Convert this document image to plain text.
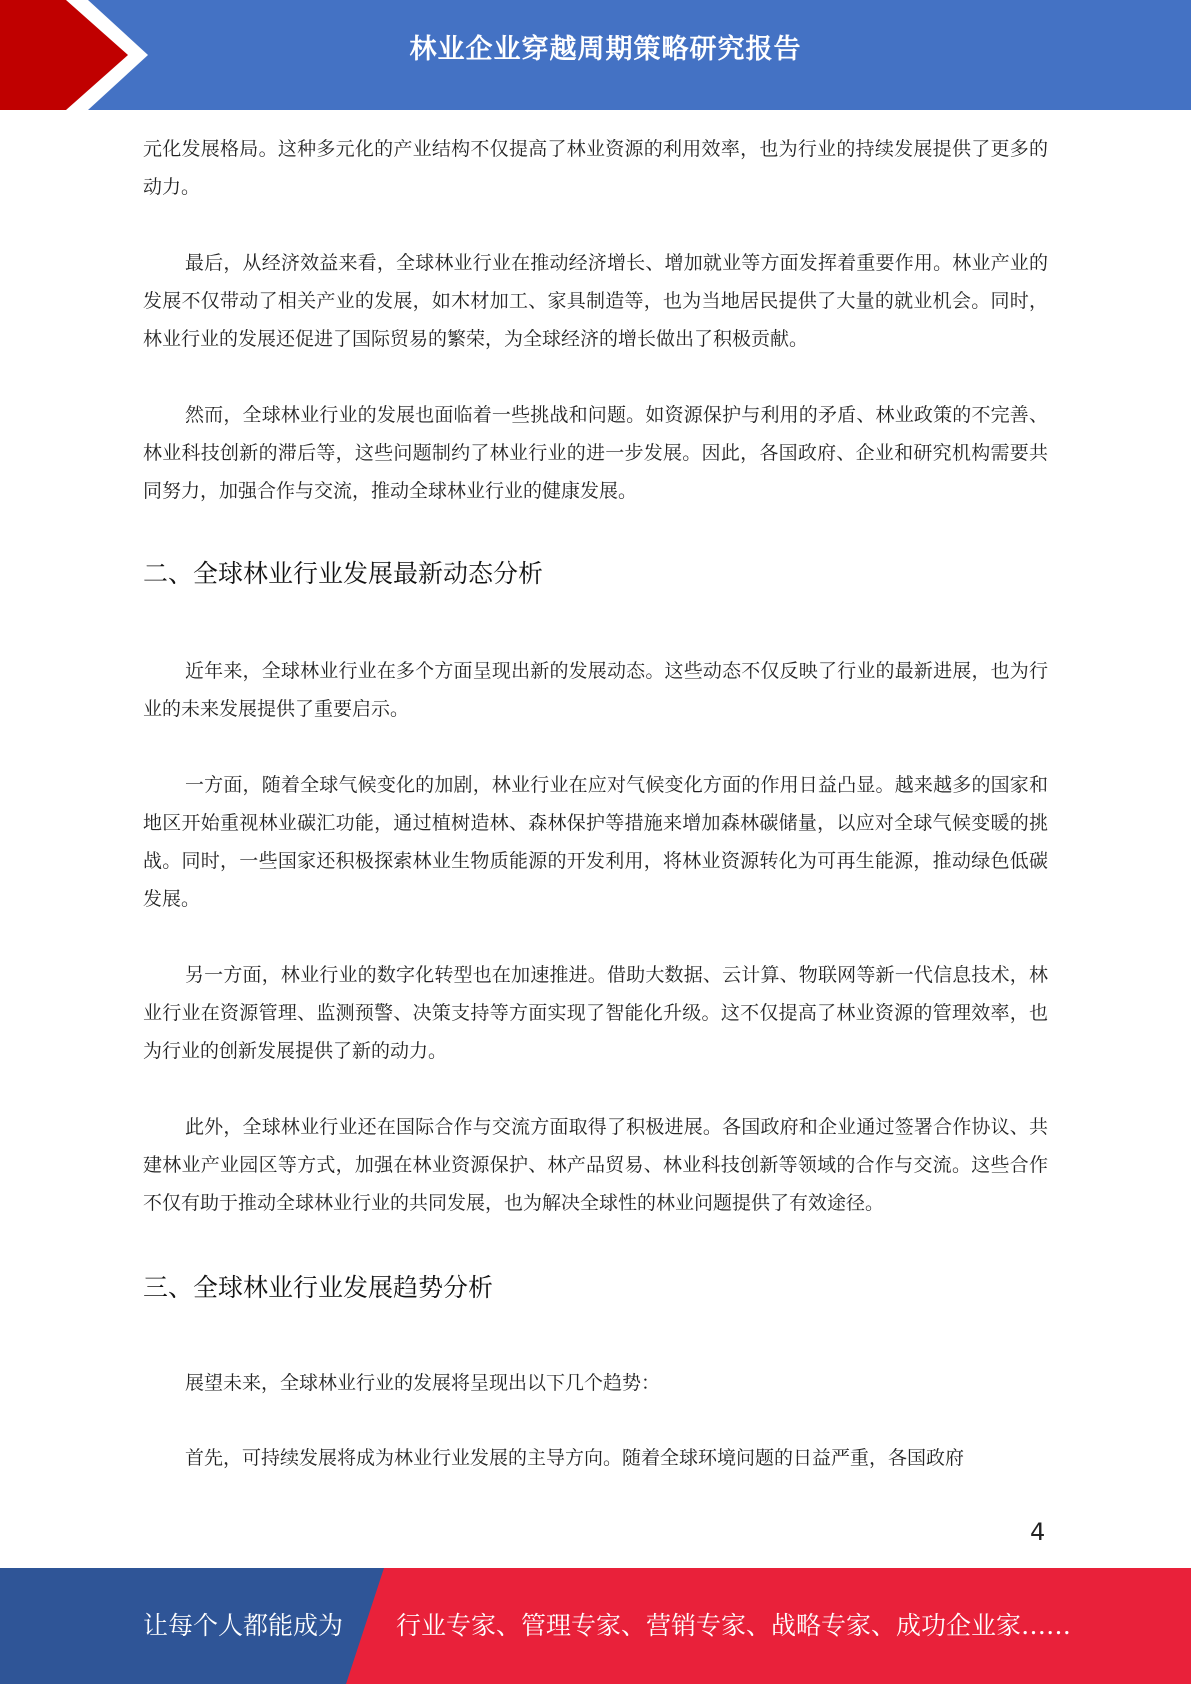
林业企业穿越周期策略研究报告

元化发展格局。这种多元化的产业结构不仅提高了林业资源的利用效率，也为行业的持续发展提供了更多的动力。

最后，从经济效益来看，全球林业行业在推动经济增长、增加就业等方面发挥着重要作用。林业产业的发展不仅带动了相关产业的发展，如木材加工、家具制造等，也为当地居民提供了大量的就业机会。同时，林业行业的发展还促进了国际贸易的繁荣，为全球经济的增长做出了积极贡献。

然而，全球林业行业的发展也面临着一些挑战和问题。如资源保护与利用的矛盾、林业政策的不完善、林业科技创新的滞后等，这些问题制约了林业行业的进一步发展。因此，各国政府、企业和研究机构需要共同努力，加强合作与交流，推动全球林业行业的健康发展。

二、全球林业行业发展最新动态分析

近年来，全球林业行业在多个方面呈现出新的发展动态。这些动态不仅反映了行业的最新进展，也为行业的未来发展提供了重要启示。

一方面，随着全球气候变化的加剧，林业行业在应对气候变化方面的作用日益凸显。越来越多的国家和地区开始重视林业碳汇功能，通过植树造林、森林保护等措施来增加森林碳储量，以应对全球气候变暖的挑战。同时，一些国家还积极探索林业生物质能源的开发利用，将林业资源转化为可再生能源，推动绿色低碳发展。

另一方面，林业行业的数字化转型也在加速推进。借助大数据、云计算、物联网等新一代信息技术，林业行业在资源管理、监测预警、决策支持等方面实现了智能化升级。这不仅提高了林业资源的管理效率，也为行业的创新发展提供了新的动力。

此外，全球林业行业还在国际合作与交流方面取得了积极进展。各国政府和企业通过签署合作协议、共建林业产业园区等方式，加强在林业资源保护、林产品贸易、林业科技创新等领域的合作与交流。这些合作不仅有助于推动全球林业行业的共同发展，也为解决全球性的林业问题提供了有效途径。

三、全球林业行业发展趋势分析

展望未来，全球林业行业的发展将呈现出以下几个趋势：

首先，可持续发展将成为林业行业发展的主导方向。随着全球环境问题的日益严重，各国政府

4
让每个人都能成为 行业专家、管理专家、营销专家、战略专家、成功企业家……
